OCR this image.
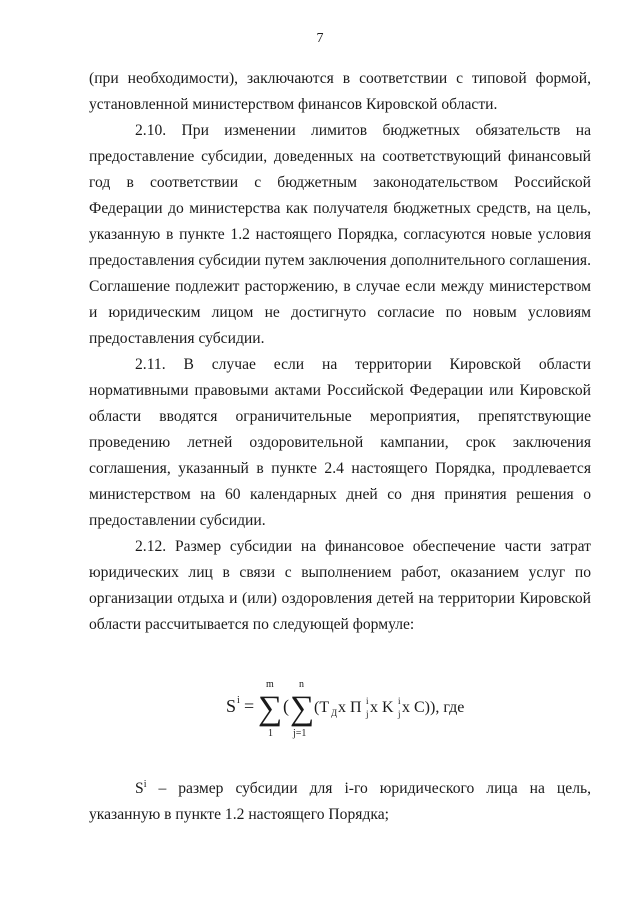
7

(при необходимости), заключаются в соответствии с типовой формой, установленной министерством финансов Кировской области.

2.10. При изменении лимитов бюджетных обязательств на предоставление субсидии, доведенных на соответствующий финансовый год в соответствии с бюджетным законодательством Российской Федерации до министерства как получателя бюджетных средств, на цель, указанную в пункте 1.2 настоящего Порядка, согласуются новые условия предоставления субсидии путем заключения дополнительного соглашения. Соглашение подлежит расторжению, в случае если между министерством и юридическим лицом не достигнуто согласие по новым условиям предоставления субсидии.

2.11. В случае если на территории Кировской области нормативными правовыми актами Российской Федерации или Кировской области вводятся ограничительные мероприятия, препятствующие проведению летней оздоровительной кампании, срок заключения соглашения, указанный в пункте 2.4 настоящего Порядка, продлевается министерством на 60 календарных дней со дня принятия решения о предоставлении субсидии.

2.12. Размер субсидии на финансовое обеспечение части затрат юридических лиц в связи с выполнением работ, оказанием услуг по организации отдыха и (или) оздоровления детей на территории Кировской области рассчитывается по следующей формуле:

S i =
m
∑
1
(
n
∑
j=1
(T Д x П i
j x K i
j x C) ), где

$S^i$ – размер субсидии для i-го юридического лица на цель, указанную в пункте 1.2 настоящего Порядка;
